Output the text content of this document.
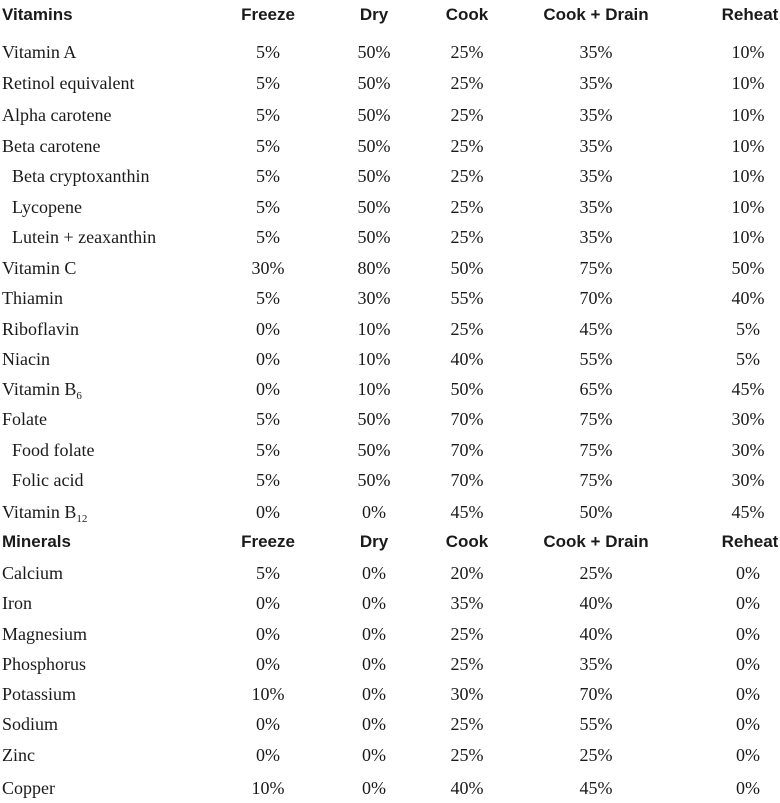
Vitamins	Freeze	Dry	Cook	Cook + Drain	Reheat
Vitamin A	5%	50%	25%	35%	10%
Retinol equivalent	5%	50%	25%	35%	10%
Alpha carotene	5%	50%	25%	35%	10%
Beta carotene	5%	50%	25%	35%	10%
Beta cryptoxanthin	5%	50%	25%	35%	10%
Lycopene	5%	50%	25%	35%	10%
Lutein + zeaxanthin	5%	50%	25%	35%	10%
Vitamin C	30%	80%	50%	75%	50%
Thiamin	5%	30%	55%	70%	40%
Riboflavin	0%	10%	25%	45%	5%
Niacin	0%	10%	40%	55%	5%
Vitamin $B_6$	0%	10%	50%	65%	45%
Folate	5%	50%	70%	75%	30%
Food folate	5%	50%	70%	75%	30%
Folic acid	5%	50%	70%	75%	30%
Vitamin $B_{12}$	0%	0%	45%	50%	45%
Minerals	Freeze	Dry	Cook	Cook + Drain	Reheat
Calcium	5%	0%	20%	25%	0%
Iron	0%	0%	35%	40%	0%
Magnesium	0%	0%	25%	40%	0%
Phosphorus	0%	0%	25%	35%	0%
Potassium	10%	0%	30%	70%	0%
Sodium	0%	0%	25%	55%	0%
Zinc	0%	0%	25%	25%	0%
Copper	10%	0%	40%	45%	0%
